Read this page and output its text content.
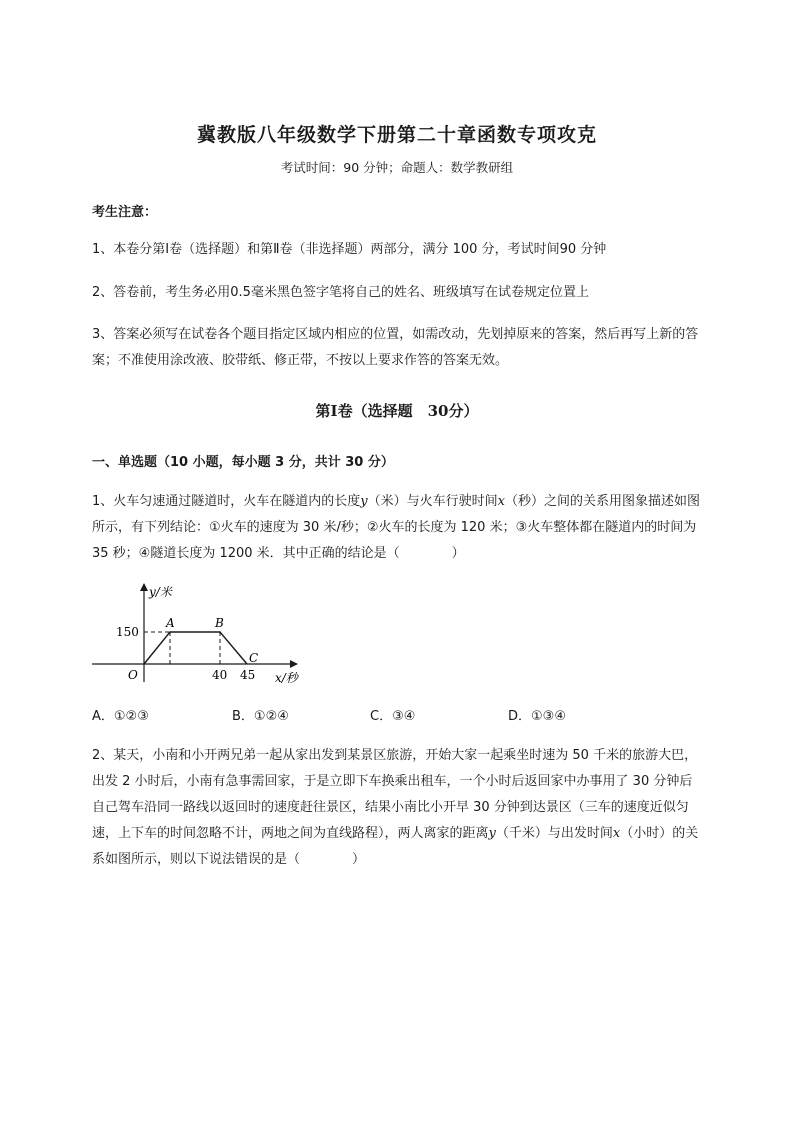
冀教版八年级数学下册第二十章函数专项攻克
考试时间：90 分钟；命题人：数学教研组
考生注意：
1、本卷分第Ⅰ卷（选择题）和第Ⅱ卷（非选择题）两部分，满分 100 分，考试时间90 分钟
2、答卷前，考生务必用0.5毫米黑色签字笔将自己的姓名、班级填写在试卷规定位置上
3、答案必须写在试卷各个题目指定区域内相应的位置，如需改动，先划掉原来的答案，然后再写上新的答案；不准使用涂改液、胶带纸、修正带，不按以上要求作答的答案无效。
第Ⅰ卷（选择题　30分）
一、单选题（10 小题，每小题 3 分，共计 30 分）
1、火车匀速通过隧道时，火车在隧道内的长度y（米）与火车行驶时间x（秒）之间的关系用图象描述如图所示，有下列结论：①火车的速度为 30 米/秒；②火车的长度为 120 米；③火车整体都在隧道内的时间为 35 秒；④隧道长度为 1200 米．其中正确的结论是（　　　　）
y/米
x/秒
150
40 45
O
A	B
C
A．①②③	B．①②④	C．③④	D．①③④
2、某天，小南和小开两兄弟一起从家出发到某景区旅游，开始大家一起乘坐时速为 50 千米的旅游大巴，出发 2 小时后，小南有急事需回家，于是立即下车换乘出租车，一个小时后返回家中办事用了 30 分钟后自己驾车沿同一路线以返回时的速度赶往景区，结果小南比小开早 30 分钟到达景区（三车的速度近似匀速，上下车的时间忽略不计，两地之间为直线路程），两人离家的距离y（千米）与出发时间x（小时）的关系如图所示，则以下说法错误的是（　　　　）
